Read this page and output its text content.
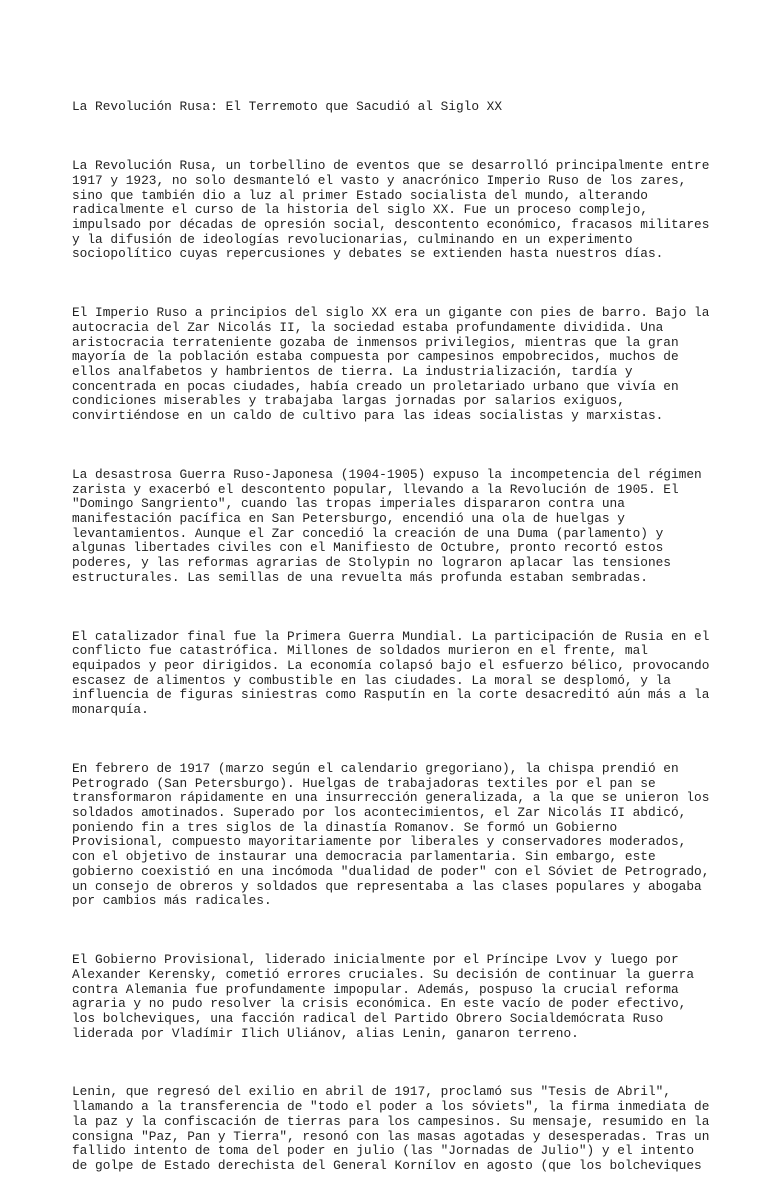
La Revolución Rusa: El Terremoto que Sacudió al Siglo XX

La Revolución Rusa, un torbellino de eventos que se desarrolló principalmente entre
1917 y 1923, no solo desmanteló el vasto y anacrónico Imperio Ruso de los zares,
sino que también dio a luz al primer Estado socialista del mundo, alterando
radicalmente el curso de la historia del siglo XX. Fue un proceso complejo,
impulsado por décadas de opresión social, descontento económico, fracasos militares
y la difusión de ideologías revolucionarias, culminando en un experimento
sociopolítico cuyas repercusiones y debates se extienden hasta nuestros días.

El Imperio Ruso a principios del siglo XX era un gigante con pies de barro. Bajo la
autocracia del Zar Nicolás II, la sociedad estaba profundamente dividida. Una
aristocracia terrateniente gozaba de inmensos privilegios, mientras que la gran
mayoría de la población estaba compuesta por campesinos empobrecidos, muchos de
ellos analfabetos y hambrientos de tierra. La industrialización, tardía y
concentrada en pocas ciudades, había creado un proletariado urbano que vivía en
condiciones miserables y trabajaba largas jornadas por salarios exiguos,
convirtiéndose en un caldo de cultivo para las ideas socialistas y marxistas.

La desastrosa Guerra Ruso-Japonesa (1904-1905) expuso la incompetencia del régimen
zarista y exacerbó el descontento popular, llevando a la Revolución de 1905. El
"Domingo Sangriento", cuando las tropas imperiales dispararon contra una
manifestación pacífica en San Petersburgo, encendió una ola de huelgas y
levantamientos. Aunque el Zar concedió la creación de una Duma (parlamento) y
algunas libertades civiles con el Manifiesto de Octubre, pronto recortó estos
poderes, y las reformas agrarias de Stolypin no lograron aplacar las tensiones
estructurales. Las semillas de una revuelta más profunda estaban sembradas.

El catalizador final fue la Primera Guerra Mundial. La participación de Rusia en el
conflicto fue catastrófica. Millones de soldados murieron en el frente, mal
equipados y peor dirigidos. La economía colapsó bajo el esfuerzo bélico, provocando
escasez de alimentos y combustible en las ciudades. La moral se desplomó, y la
influencia de figuras siniestras como Rasputín en la corte desacreditó aún más a la
monarquía.

En febrero de 1917 (marzo según el calendario gregoriano), la chispa prendió en
Petrogrado (San Petersburgo). Huelgas de trabajadoras textiles por el pan se
transformaron rápidamente en una insurrección generalizada, a la que se unieron los
soldados amotinados. Superado por los acontecimientos, el Zar Nicolás II abdicó,
poniendo fin a tres siglos de la dinastía Romanov. Se formó un Gobierno
Provisional, compuesto mayoritariamente por liberales y conservadores moderados,
con el objetivo de instaurar una democracia parlamentaria. Sin embargo, este
gobierno coexistió en una incómoda "dualidad de poder" con el Sóviet de Petrogrado,
un consejo de obreros y soldados que representaba a las clases populares y abogaba
por cambios más radicales.

El Gobierno Provisional, liderado inicialmente por el Príncipe Lvov y luego por
Alexander Kerensky, cometió errores cruciales. Su decisión de continuar la guerra
contra Alemania fue profundamente impopular. Además, pospuso la crucial reforma
agraria y no pudo resolver la crisis económica. En este vacío de poder efectivo,
los bolcheviques, una facción radical del Partido Obrero Socialdemócrata Ruso
liderada por Vladímir Ilich Uliánov, alias Lenin, ganaron terreno.

Lenin, que regresó del exilio en abril de 1917, proclamó sus "Tesis de Abril",
llamando a la transferencia de "todo el poder a los sóviets", la firma inmediata de
la paz y la confiscación de tierras para los campesinos. Su mensaje, resumido en la
consigna "Paz, Pan y Tierra", resonó con las masas agotadas y desesperadas. Tras un
fallido intento de toma del poder en julio (las "Jornadas de Julio") y el intento
de golpe de Estado derechista del General Kornílov en agosto (que los bolcheviques
